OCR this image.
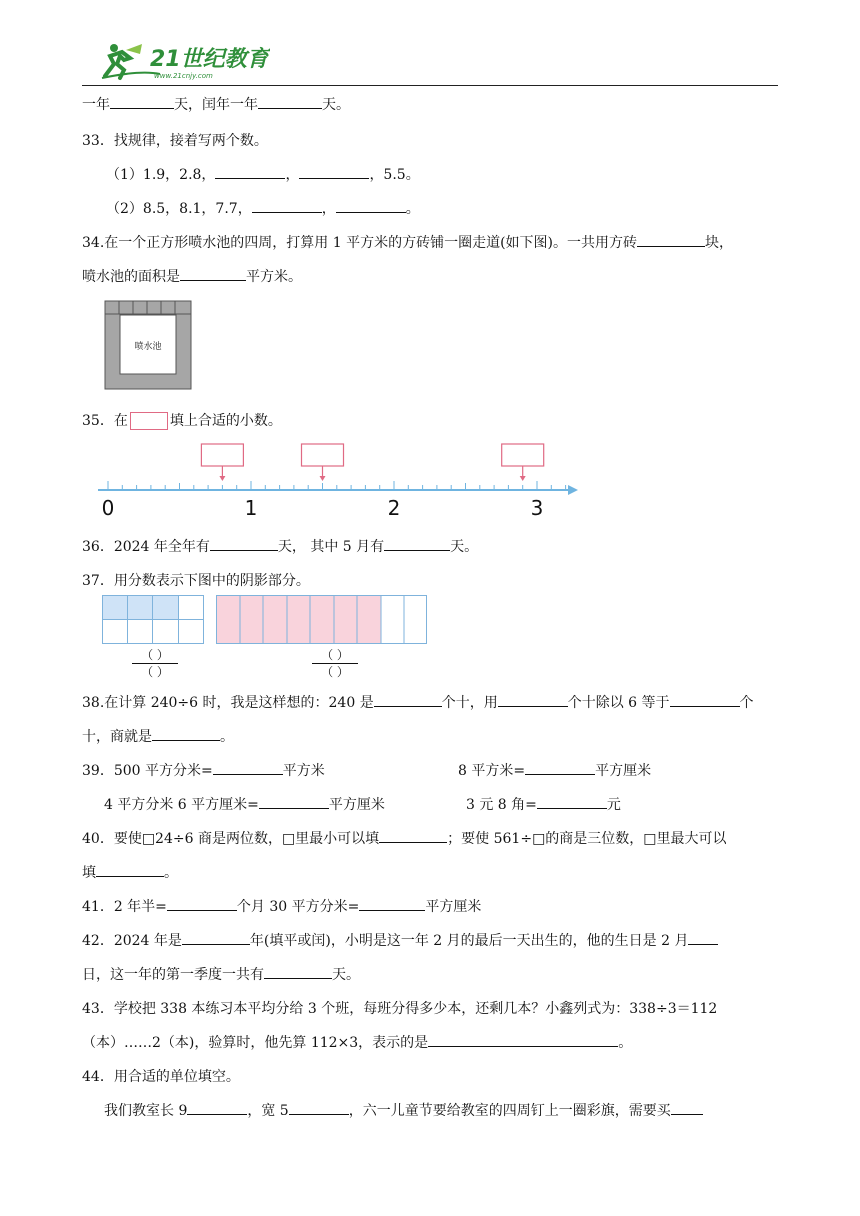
21世纪教育
www.21cnjy.com
一年	天，闰年一年	天。
33．找规律，接着写两个数。
（1）1.9，2.8，	，	，5.5。
（2）8.5，8.1，7.7，	，	。
34.在一个正方形喷水池的四周，打算用 1 平方米的方砖铺一圈走道(如下图)。一共用方砖	块，
喷水池的面积是	平方米。
喷水池
35．在	填上合适的小数。
0	1	2	3
36．2024 年全年有	天， 其中 5 月有	天。
37．用分数表示下图中的阴影部分。
（ ）
（ ）
（ ）
（ ）
38.在计算 240÷6 时，我是这样想的：240 是	个十，用	个十除以 6 等于	个
十，商就是	。
39．500 平方分米=	平方米	8 平方米=	平方厘米
4 平方分米 6 平方厘米=	平方厘米	3 元 8 角=	元
40．要使□24÷6 商是两位数，□里最小可以填	；要使 561÷□的商是三位数，□里最大可以
填	。
41．2 年半=	个月 30 平方分米=	平方厘米
42．2024 年是	年(填平或闰)，小明是这一年 2 月的最后一天出生的，他的生日是 2 月
日，这一年的第一季度一共有	天。
43．学校把 338 本练习本平均分给 3 个班，每班分得多少本，还剩几本？小鑫列式为：338÷3＝112
（本）……2（本)，验算时，他先算 112×3，表示的是	。
44．用合适的单位填空。
我们教室长 9	，宽 5	，六一儿童节要给教室的四周钉上一圈彩旗，需要买
